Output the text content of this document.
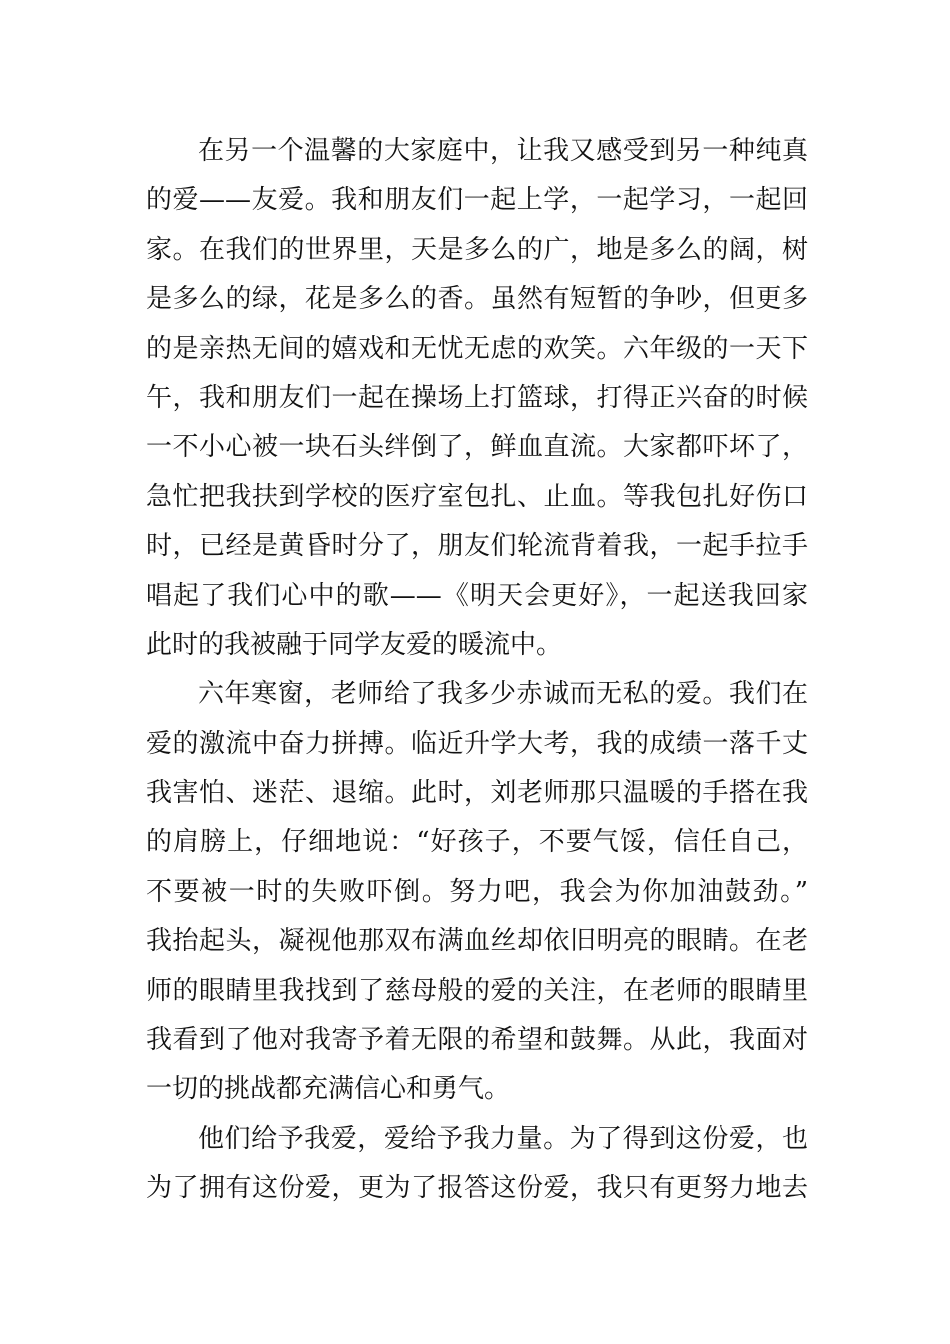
在另一个温馨的大家庭中，让我又感受到另一种纯真
的爱——友爱。我和朋友们一起上学，一起学习，一起回
家。在我们的世界里，天是多么的广，地是多么的阔，树
是多么的绿，花是多么的香。虽然有短暂的争吵，但更多
的是亲热无间的嬉戏和无忧无虑的欢笑。六年级的一天下
午，我和朋友们一起在操场上打篮球，打得正兴奋的时候
一不小心被一块石头绊倒了，鲜血直流。大家都吓坏了，
急忙把我扶到学校的医疗室包扎、止血。等我包扎好伤口
时，已经是黄昏时分了，朋友们轮流背着我，一起手拉手
唱起了我们心中的歌——《明天会更好》，一起送我回家
此时的我被融于同学友爱的暖流中。
六年寒窗，老师给了我多少赤诚而无私的爱。我们在
爱的激流中奋力拼搏。临近升学大考，我的成绩一落千丈
我害怕、迷茫、退缩。此时，刘老师那只温暖的手搭在我
的肩膀上，仔细地说：“好孩子，不要气馁，信任自己，
不要被一时的失败吓倒。努力吧，我会为你加油鼓劲。”
我抬起头，凝视他那双布满血丝却依旧明亮的眼睛。在老
师的眼睛里我找到了慈母般的爱的关注，在老师的眼睛里
我看到了他对我寄予着无限的希望和鼓舞。从此，我面对
一切的挑战都充满信心和勇气。
他们给予我爱，爱给予我力量。为了得到这份爱，也
为了拥有这份爱，更为了报答这份爱，我只有更努力地去
